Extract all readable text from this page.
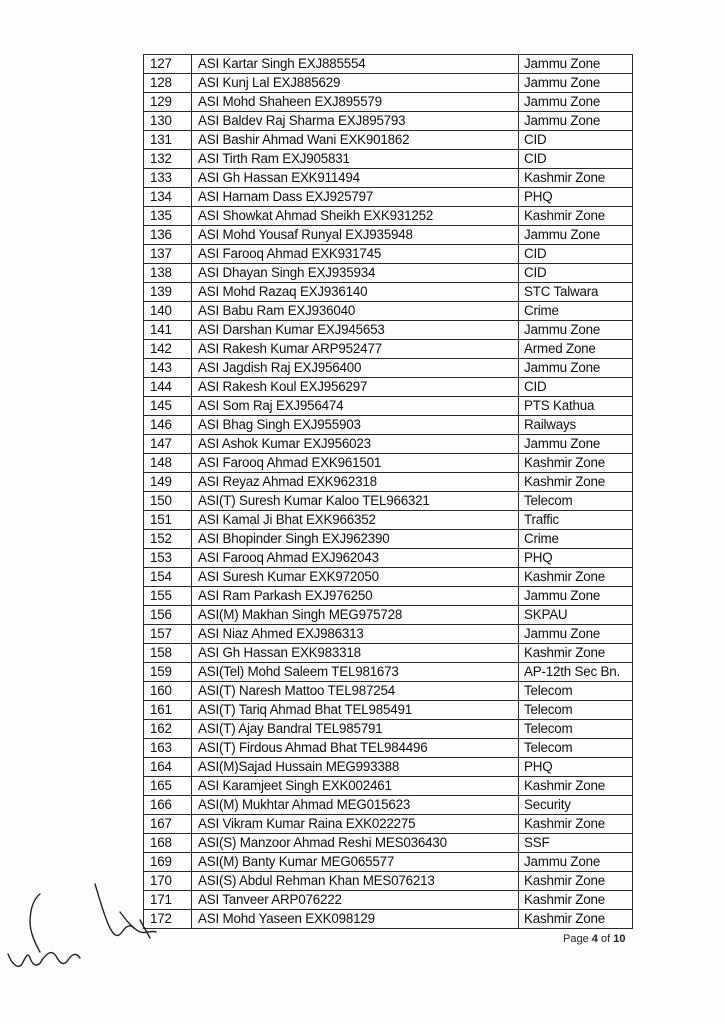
127	ASI Kartar Singh EXJ885554	Jammu Zone
128	ASI Kunj Lal EXJ885629	Jammu Zone
129	ASI Mohd Shaheen EXJ895579	Jammu Zone
130	ASI Baldev Raj Sharma EXJ895793	Jammu Zone
131	ASI Bashir Ahmad Wani EXK901862	CID
132	ASI Tirth Ram EXJ905831	CID
133	ASI Gh Hassan EXK911494	Kashmir Zone
134	ASI Harnam Dass EXJ925797	PHQ
135	ASI Showkat Ahmad Sheikh EXK931252	Kashmir Zone
136	ASI Mohd Yousaf Runyal EXJ935948	Jammu Zone
137	ASI Farooq Ahmad EXK931745	CID
138	ASI Dhayan Singh EXJ935934	CID
139	ASI Mohd Razaq EXJ936140	STC Talwara
140	ASI Babu Ram EXJ936040	Crime
141	ASI Darshan Kumar EXJ945653	Jammu Zone
142	ASI Rakesh Kumar ARP952477	Armed Zone
143	ASI Jagdish Raj EXJ956400	Jammu Zone
144	ASI Rakesh Koul EXJ956297	CID
145	ASI Som Raj EXJ956474	PTS Kathua
146	ASI Bhag Singh EXJ955903	Railways
147	ASI Ashok Kumar EXJ956023	Jammu Zone
148	ASI Farooq Ahmad EXK961501	Kashmir Zone
149	ASI Reyaz Ahmad EXK962318	Kashmir Zone
150	ASI(T) Suresh Kumar Kaloo TEL966321	Telecom
151	ASI Kamal Ji Bhat EXK966352	Traffic
152	ASI Bhopinder Singh EXJ962390	Crime
153	ASI Farooq Ahmad EXJ962043	PHQ
154	ASI Suresh Kumar EXK972050	Kashmir Zone
155	ASI Ram Parkash EXJ976250	Jammu Zone
156	ASI(M) Makhan Singh MEG975728	SKPAU
157	ASI Niaz Ahmed EXJ986313	Jammu Zone
158	ASI Gh Hassan EXK983318	Kashmir Zone
159	ASI(Tel) Mohd Saleem TEL981673	AP-12th Sec Bn.
160	ASI(T) Naresh Mattoo TEL987254	Telecom
161	ASI(T) Tariq Ahmad Bhat TEL985491	Telecom
162	ASI(T) Ajay Bandral TEL985791	Telecom
163	ASI(T) Firdous Ahmad Bhat TEL984496	Telecom
164	ASI(M)Sajad Hussain MEG993388	PHQ
165	ASI Karamjeet Singh EXK002461	Kashmir Zone
166	ASI(M) Mukhtar Ahmad MEG015623	Security
167	ASI Vikram Kumar Raina EXK022275	Kashmir Zone
168	ASI(S) Manzoor Ahmad Reshi MES036430	SSF
169	ASI(M) Banty Kumar MEG065577	Jammu Zone
170	ASI(S) Abdul Rehman Khan MES076213	Kashmir Zone
171	ASI Tanveer ARP076222	Kashmir Zone
172	ASI Mohd Yaseen EXK098129	Kashmir Zone
Page 4 of 10
